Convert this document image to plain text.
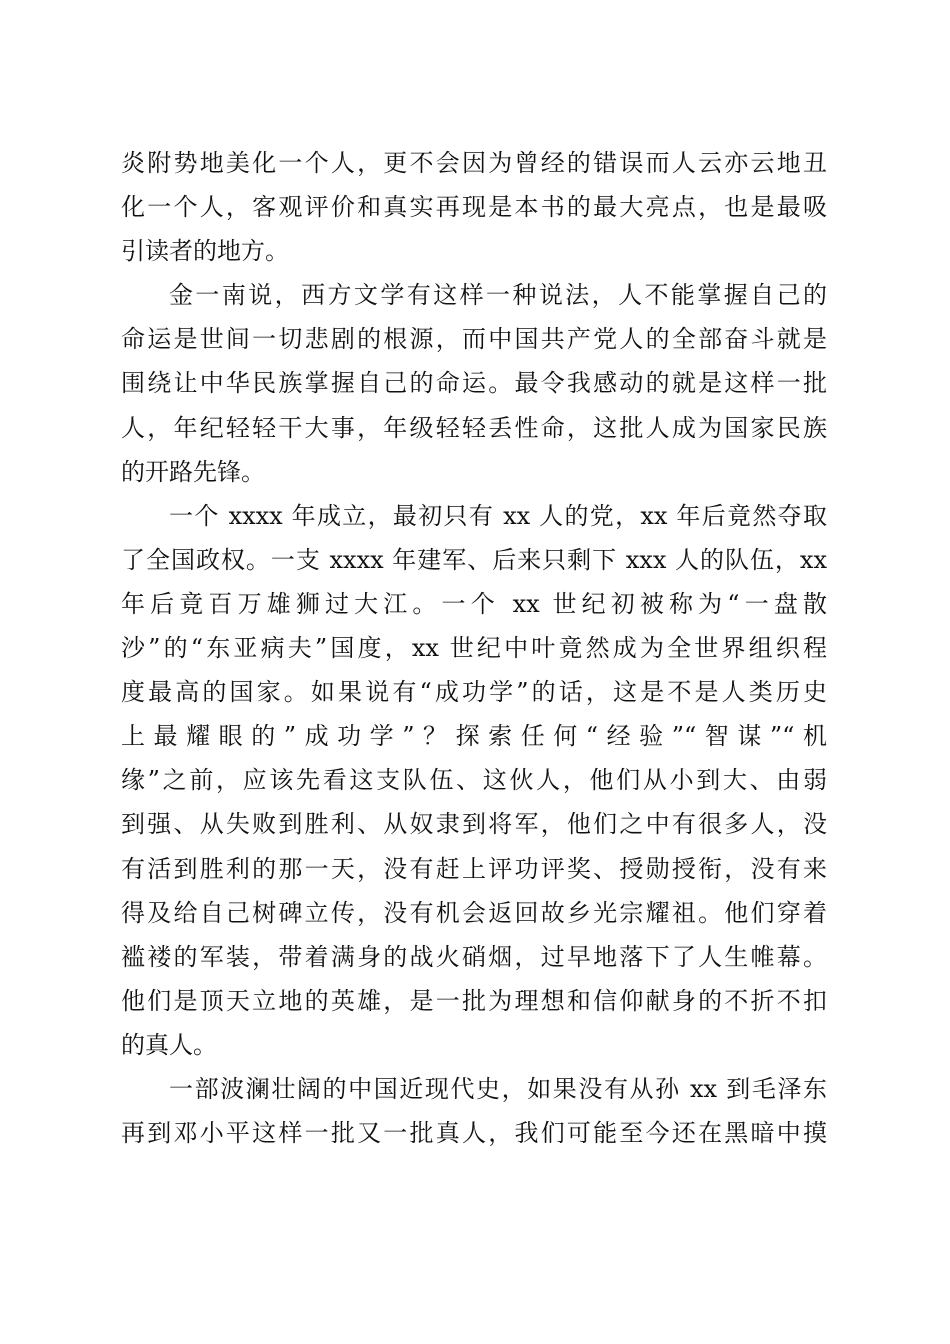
炎附势地美化一个人，更不会因为曾经的错误而人云亦云地丑
化一个人，客观评价和真实再现是本书的最大亮点，也是最吸
引读者的地方。
金一南说，西方文学有这样一种说法，人不能掌握自己的
命运是世间一切悲剧的根源，而中国共产党人的全部奋斗就是
围绕让中华民族掌握自己的命运。最令我感动的就是这样一批
人，年纪轻轻干大事，年级轻轻丢性命，这批人成为国家民族
的开路先锋。
一个 xxxx 年成立，最初只有 xx 人的党，xx 年后竟然夺取
了全国政权。一支 xxxx 年建军、后来只剩下 xxx 人的队伍，xx
年后竟百万雄狮过大江。一个 xx 世纪初被称为“一盘散
沙”的“东亚病夫”国度，xx 世纪中叶竟然成为全世界组织程
度最高的国家。如果说有“成功学”的话，这是不是人类历史
上最耀眼的”成功学”？探索任何“经验”“智谋”“机
缘”之前，应该先看这支队伍、这伙人，他们从小到大、由弱
到强、从失败到胜利、从奴隶到将军，他们之中有很多人，没
有活到胜利的那一天，没有赶上评功评奖、授勋授衔，没有来
得及给自己树碑立传，没有机会返回故乡光宗耀祖。他们穿着
褴褛的军装，带着满身的战火硝烟，过早地落下了人生帷幕。
他们是顶天立地的英雄，是一批为理想和信仰献身的不折不扣
的真人。
一部波澜壮阔的中国近现代史，如果没有从孙 xx 到毛泽东
再到邓小平这样一批又一批真人，我们可能至今还在黑暗中摸
